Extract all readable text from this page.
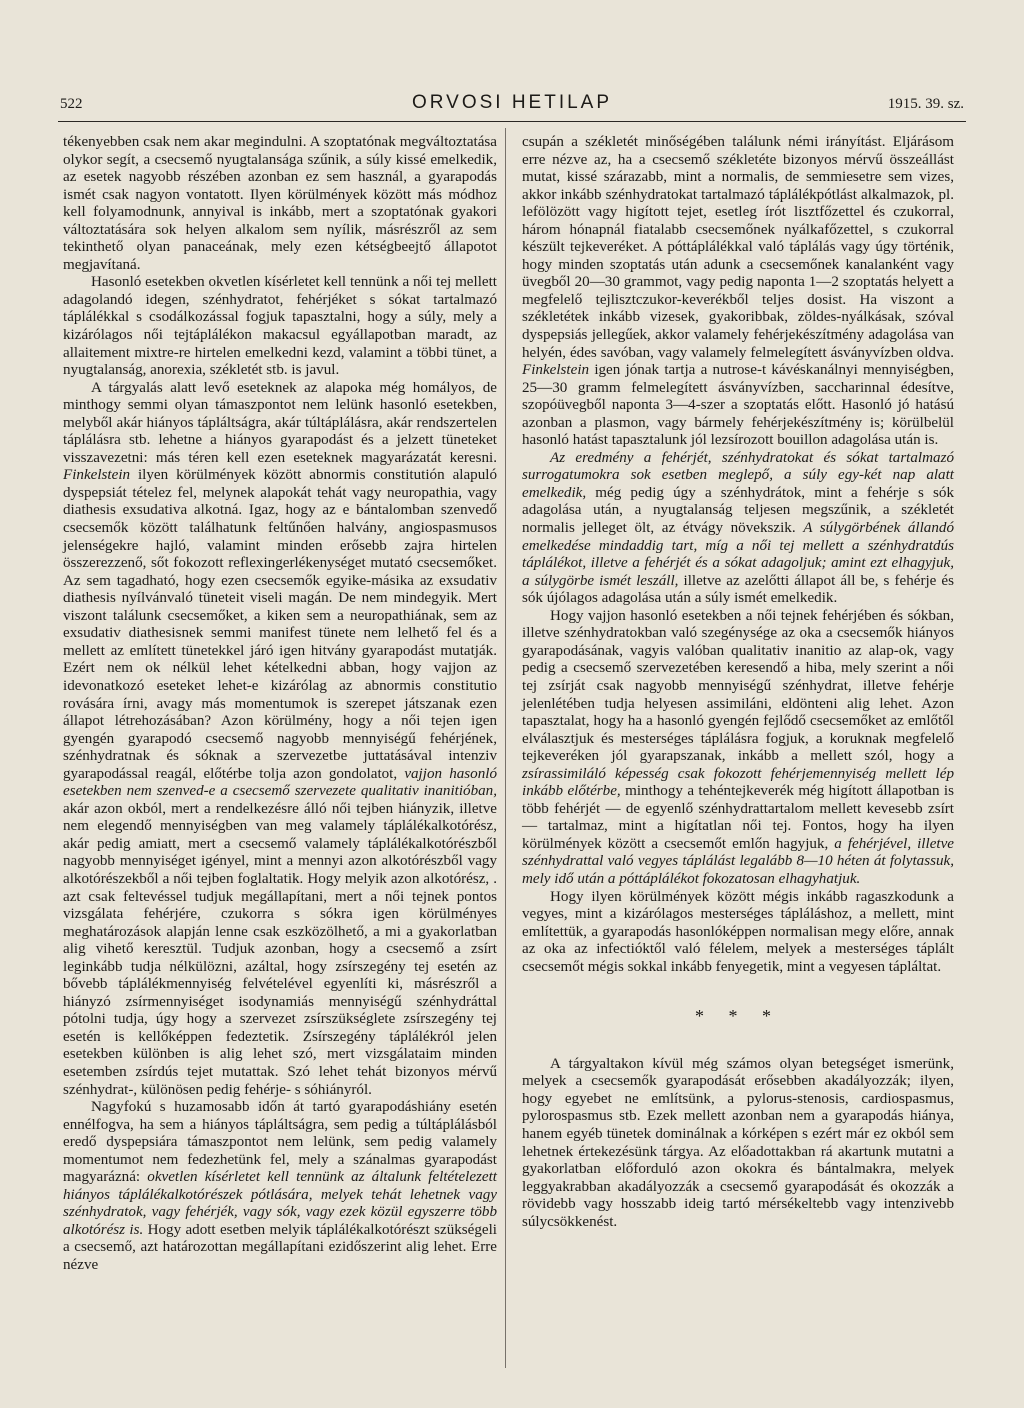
522	ORVOSI HETILAP	1915. 39. sz.

tékenyebben csak nem akar megindulni. A szoptatónak megváltoztatása olykor segít, a csecsemő nyugtalansága szűnik, a súly kissé emelkedik, az esetek nagyobb részében azonban ez sem használ, a gyarapodás ismét csak nagyon vontatott. Ilyen körülmények között más módhoz kell folyamodnunk, annyival is inkább, mert a szoptatónak gyakori változtatására sok helyen alkalom sem nyílik, másrészről az sem tekinthető olyan panaceának, mely ezen kétségbeejtő állapotot megjavítaná.

Hasonló esetekben okvetlen kísérletet kell tennünk a női tej mellett adagolandó idegen, szénhydratot, fehérjéket s sókat tartalmazó táplálékkal s csodálkozással fogjuk tapasztalni, hogy a súly, mely a kizárólagos női tejtáplálékon makacsul egyállapotban maradt, az allaitement mixtre-re hirtelen emelkedni kezd, valamint a többi tünet, a nyugtalanság, anorexia, székletét stb. is javul.

A tárgyalás alatt levő eseteknek az alapoka még homályos, de minthogy semmi olyan támaszpontot nem lelünk hasonló esetekben, melyből akár hiányos tápláltságra, akár túltáplálásra, akár rendszertelen táplálásra stb. lehetne a hiányos gyarapodást és a jelzett tüneteket visszavezetni: más téren kell ezen eseteknek magyarázatát keresni. Finkelstein ilyen körülmények között abnormis constitutión alapuló dyspepsiát tételez fel, melynek alapokát tehát vagy neuropathia, vagy diathesis exsudativa alkotná. Igaz, hogy az e bántalomban szenvedő csecsemők között találhatunk feltűnően halvány, angiospasmusos jelenségekre hajló, valamint minden erősebb zajra hirtelen összerezzenő, sőt fokozott reflexingerlékenységet mutató csecsemőket. Az sem tagadható, hogy ezen csecsemők egyike-másika az exsudativ diathesis nyílvánvaló tüneteit viseli magán. De nem mindegyik. Mert viszont találunk csecsemőket, a kiken sem a neuropathiának, sem az exsudativ diathesisnek semmi manifest tünete nem lelhető fel és a mellett az említett tünetekkel járó igen hitvány gyarapodást mutatják. Ezért nem ok nélkül lehet kételkedni abban, hogy vajjon az idevonatkozó eseteket lehet-e kizárólag az abnormis constitutio rovására írni, avagy más momentumok is szerepet játszanak ezen állapot létrehozásában? Azon körülmény, hogy a női tejen igen gyengén gyarapodó csecsemő nagyobb mennyiségű fehérjének, szénhydratnak és sóknak a szervezetbe juttatásával intenziv gyarapodással reagál, előtérbe tolja azon gondolatot, vajjon hasonló esetekben nem szenved-e a csecsemő szervezete qualitativ inanitióban, akár azon okból, mert a rendelkezésre álló női tejben hiányzik, illetve nem elegendő mennyiségben van meg valamely táplálékalkotórész, akár pedig amiatt, mert a csecsemő valamely táplálékalkotórészből nagyobb mennyiséget igényel, mint a mennyi azon alkotórészből vagy alkotórészekből a női tejben foglaltatik. Hogy melyik azon alkotórész, . azt csak feltevéssel tudjuk megállapítani, mert a női tejnek pontos vizsgálata fehérjére, czukorra s sókra igen körülményes meghatározások alapján lenne csak eszközölhető, a mi a gyakorlatban alig vihető keresztül. Tudjuk azonban, hogy a csecsemő a zsírt leginkább tudja nélkülözni, azáltal, hogy zsírszegény tej esetén az bővebb táplálékmennyiség felvételével egyenlíti ki, másrészről a hiányzó zsírmennyiséget isodynamiás mennyiségű szénhydráttal pótolni tudja, úgy hogy a szervezet zsírszükséglete zsírszegény tej esetén is kellőképpen fedeztetik. Zsírszegény táplálékról jelen esetekben különben is alig lehet szó, mert vizsgálataim minden esetemben zsírdús tejet mutattak. Szó lehet tehát bizonyos mérvű szénhydrat-, különösen pedig fehérje- s sóhiányról.

Nagyfokú s huzamosabb időn át tartó gyarapodáshiány esetén ennélfogva, ha sem a hiányos tápláltságra, sem pedig a túltáplálásból eredő dyspepsiára támaszpontot nem lelünk, sem pedig valamely momentumot nem fedezhetünk fel, mely a szánalmas gyarapodást magyarázná: okvetlen kísérletet kell tennünk az általunk feltételezett hiányos táplálékalkotórészek pótlására, melyek tehát lehetnek vagy szénhydratok, vagy fehérjék, vagy sók, vagy ezek közül egyszerre több alkotórész is. Hogy adott esetben melyik táplálékalkotórészt szükségeli a csecsemő, azt határozottan megállapítani ezidőszerint alig lehet. Erre nézve

csupán a székletét minőségében találunk némi irányítást. Eljárásom erre nézve az, ha a csecsemő székletéte bizonyos mérvű összeállást mutat, kissé szárazabb, mint a normalis, de semmiesetre sem vizes, akkor inkább szénhydratokat tartalmazó táplálékpótlást alkalmazok, pl. lefölözött vagy higított tejet, esetleg írót lisztfőzettel és czukorral, három hónapnál fiatalabb csecsemőnek nyálkafőzettel, s czukorral készült tejkeveréket. A póttáplálékkal való táplálás vagy úgy történik, hogy minden szoptatás után adunk a csecsemőnek kanalanként vagy üvegből 20—30 grammot, vagy pedig naponta 1—2 szoptatás helyett a megfelelő tejlisztczukor-keverékből teljes dosist. Ha viszont a székletétek inkább vizesek, gyakoribbak, zöldes-nyálkásak, szóval dyspepsiás jellegűek, akkor valamely fehérjekészítmény adagolása van helyén, édes savóban, vagy valamely felmelegített ásványvízben oldva. Finkelstein igen jónak tartja a nutrose-t kávéskanálnyi mennyiségben, 25—30 gramm felmelegített ásványvízben, saccharinnal édesítve, szopóüvegből naponta 3—4-szer a szoptatás előtt. Hasonló jó hatású azonban a plasmon, vagy bármely fehérjekészítmény is; körülbelül hasonló hatást tapasztalunk jól lezsírozott bouillon adagolása után is.

Az eredmény a fehérjét, szénhydratokat és sókat tartalmazó surrogatumokra sok esetben meglepő, a súly egy-két nap alatt emelkedik, még pedig úgy a szénhydrátok, mint a fehérje s sók adagolása után, a nyugtalanság teljesen megszűnik, a székletét normalis jelleget ölt, az étvágy növekszik. A súlygörbének állandó emelkedése mindaddig tart, míg a női tej mellett a szénhydratdús táplálékot, illetve a fehérjét és a sókat adagoljuk; amint ezt elhagyjuk, a súlygörbe ismét leszáll, illetve az azelőtti állapot áll be, s fehérje és sók újólagos adagolása után a súly ismét emelkedik.

Hogy vajjon hasonló esetekben a női tejnek fehérjében és sókban, illetve szénhydratokban való szegénysége az oka a csecsemők hiányos gyarapodásának, vagyis valóban qualitativ inanitio az alap-ok, vagy pedig a csecsemő szervezetében keresendő a hiba, mely szerint a női tej zsírját csak nagyobb mennyiségű szénhydrat, illetve fehérje jelenlétében tudja helyesen assimiláni, eldönteni alig lehet. Azon tapasztalat, hogy ha a hasonló gyengén fejlődő csecsemőket az emlőtől elválasztjuk és mesterséges táplálásra fogjuk, a koruknak megfelelő tejkeveréken jól gyarapszanak, inkább a mellett szól, hogy a zsírassimiláló képesség csak fokozott fehérjemennyiség mellett lép inkább előtérbe, minthogy a tehéntejkeverék még higított állapotban is több fehérjét — de egyenlő szénhydrattartalom mellett kevesebb zsírt — tartalmaz, mint a higítatlan női tej. Fontos, hogy ha ilyen körülmények között a csecsemőt emlőn hagyjuk, a fehérjével, illetve szénhydrattal való vegyes táplálást legalább 8—10 héten át folytassuk, mely idő után a póttáplálékot fokozatosan elhagyhatjuk.

Hogy ilyen körülmények között mégis inkább ragaszkodunk a vegyes, mint a kizárólagos mesterséges tápláláshoz, a mellett, mint említettük, a gyarapodás hasonlóképpen normalisan megy előre, annak az oka az infectióktől való félelem, melyek a mesterséges táplált csecsemőt mégis sokkal inkább fenyegetik, mint a vegyesen tápláltat.

* * *

A tárgyaltakon kívül még számos olyan betegséget ismerünk, melyek a csecsemők gyarapodását erősebben akadályozzák; ilyen, hogy egyebet ne említsünk, a pylorus-stenosis, cardiospasmus, pylorospasmus stb. Ezek mellett azonban nem a gyarapodás hiánya, hanem egyéb tünetek dominálnak a kórképen s ezért már ez okból sem lehetnek értekezésünk tárgya. Az előadottakban rá akartunk mutatni a gyakorlatban előforduló azon okokra és bántalmakra, melyek leggyakrabban akadályozzák a csecsemő gyarapodását és okozzák a rövidebb vagy hosszabb ideig tartó mérsékeltebb vagy intenzivebb súlycsökkenést.
